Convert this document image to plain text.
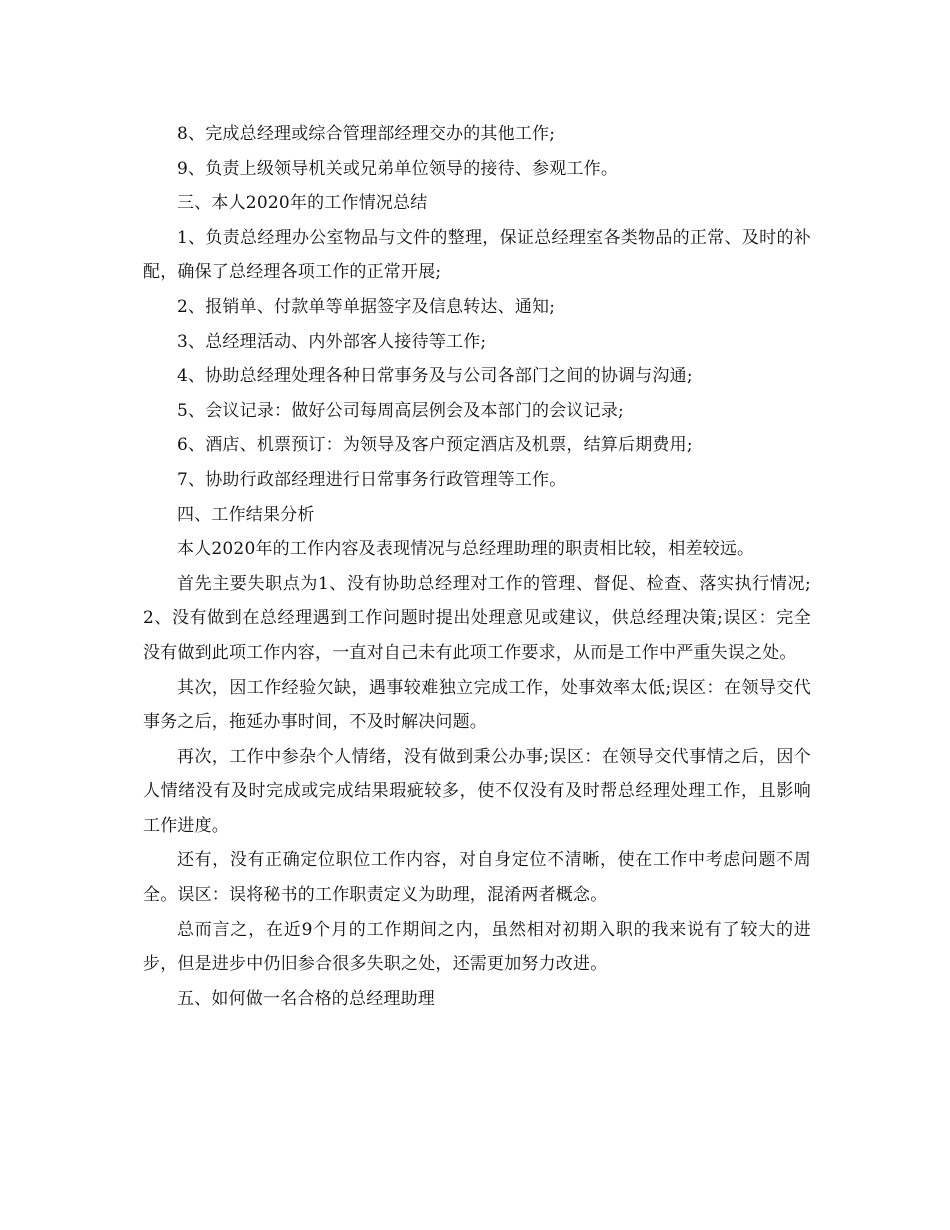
8、完成总经理或综合管理部经理交办的其他工作;

9、负责上级领导机关或兄弟单位领导的接待、参观工作。

三、本人2020年的工作情况总结

1、负责总经理办公室物品与文件的整理，保证总经理室各类物品的正常、及时的补配，确保了总经理各项工作的正常开展;

2、报销单、付款单等单据签字及信息转达、通知;

3、总经理活动、内外部客人接待等工作;

4、协助总经理处理各种日常事务及与公司各部门之间的协调与沟通;

5、会议记录：做好公司每周高层例会及本部门的会议记录;

6、酒店、机票预订：为领导及客户预定酒店及机票，结算后期费用;

7、协助行政部经理进行日常事务行政管理等工作。

四、工作结果分析

本人2020年的工作内容及表现情况与总经理助理的职责相比较，相差较远。

首先主要失职点为1、没有协助总经理对工作的管理、督促、检查、落实执行情况;2、没有做到在总经理遇到工作问题时提出处理意见或建议，供总经理决策;误区：完全没有做到此项工作内容，一直对自己未有此项工作要求，从而是工作中严重失误之处。

其次，因工作经验欠缺，遇事较难独立完成工作，处事效率太低;误区：在领导交代事务之后，拖延办事时间，不及时解决问题。

再次，工作中参杂个人情绪，没有做到秉公办事;误区：在领导交代事情之后，因个人情绪没有及时完成或完成结果瑕疵较多，使不仅没有及时帮总经理处理工作，且影响工作进度。

还有，没有正确定位职位工作内容，对自身定位不清晰，使在工作中考虑问题不周全。误区：误将秘书的工作职责定义为助理，混淆两者概念。

总而言之，在近9个月的工作期间之内，虽然相对初期入职的我来说有了较大的进步，但是进步中仍旧参合很多失职之处，还需更加努力改进。

五、如何做一名合格的总经理助理
